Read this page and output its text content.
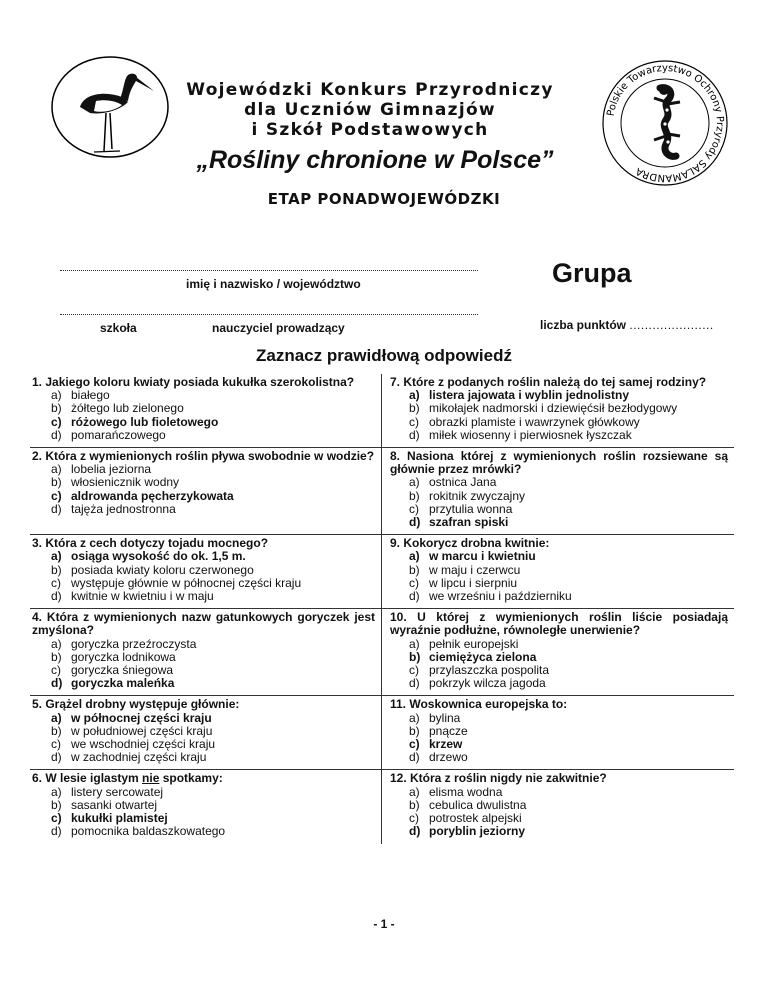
Polskie Towarzystwo Ochrony Przyrody SALAMANDRA
Wojewódzki Konkurs Przyrodniczy
dla Uczniów Gimnazjów
i Szkół Podstawowych
„Rośliny chronione w Polsce”
ETAP PONADWOJEWÓDZKI
imię i nazwisko / województwo	Grupa
szkoła	nauczyciel prowadzący	liczba punktów ......................
Zaznacz prawidłową odpowiedź
1. Jakiego koloru kwiaty posiada kukułka szerokolistna?
a) białego
b) żółtego lub zielonego
c) różowego lub fioletowego
d) pomarańczowego
7. Które z podanych roślin należą do tej samej rodziny?
a) listera jajowata i wyblin jednolistny
b) mikołajek nadmorski i dziewięćsił bezłodygowy
c) obrazki plamiste i wawrzynek główkowy
d) miłek wiosenny i pierwiosnek łyszczak
2. Która z wymienionych roślin pływa swobodnie w wodzie?
a) lobelia jeziorna
b) włosienicznik wodny
c) aldrowanda pęcherzykowata
d) tajęża jednostronna
8. Nasiona której z wymienionych roślin rozsiewane są głównie przez mrówki?
a) ostnica Jana
b) rokitnik zwyczajny
c) przytulia wonna
d) szafran spiski
3. Która z cech dotyczy tojadu mocnego?
a) osiąga wysokość do ok. 1,5 m.
b) posiada kwiaty koloru czerwonego
c) występuje głównie w północnej części kraju
d) kwitnie w kwietniu i w maju
9. Kokorycz drobna kwitnie:
a) w marcu i kwietniu
b) w maju i czerwcu
c) w lipcu i sierpniu
d) we wrześniu i październiku
4. Która z wymienionych nazw gatunkowych goryczek jest zmyślona?
a) goryczka przeźroczysta
b) goryczka lodnikowa
c) goryczka śniegowa
d) goryczka maleńka
10. U której z wymienionych roślin liście posiadają wyraźnie podłużne, równoległe unerwienie?
a) pełnik europejski
b) ciemiężyca zielona
c) przylaszczka pospolita
d) pokrzyk wilcza jagoda
5. Grążel drobny występuje głównie:
a) w północnej części kraju
b) w południowej części kraju
c) we wschodniej części kraju
d) w zachodniej części kraju
11. Woskownica europejska to:
a) bylina
b) pnącze
c) krzew
d) drzewo
6. W lesie iglastym nie spotkamy:
a) listery sercowatej
b) sasanki otwartej
c) kukułki plamistej
d) pomocnika baldaszkowatego
12. Która z roślin nigdy nie zakwitnie?
a) elisma wodna
b) cebulica dwulistna
c) potrostek alpejski
d) poryblin jeziorny
- 1 -
